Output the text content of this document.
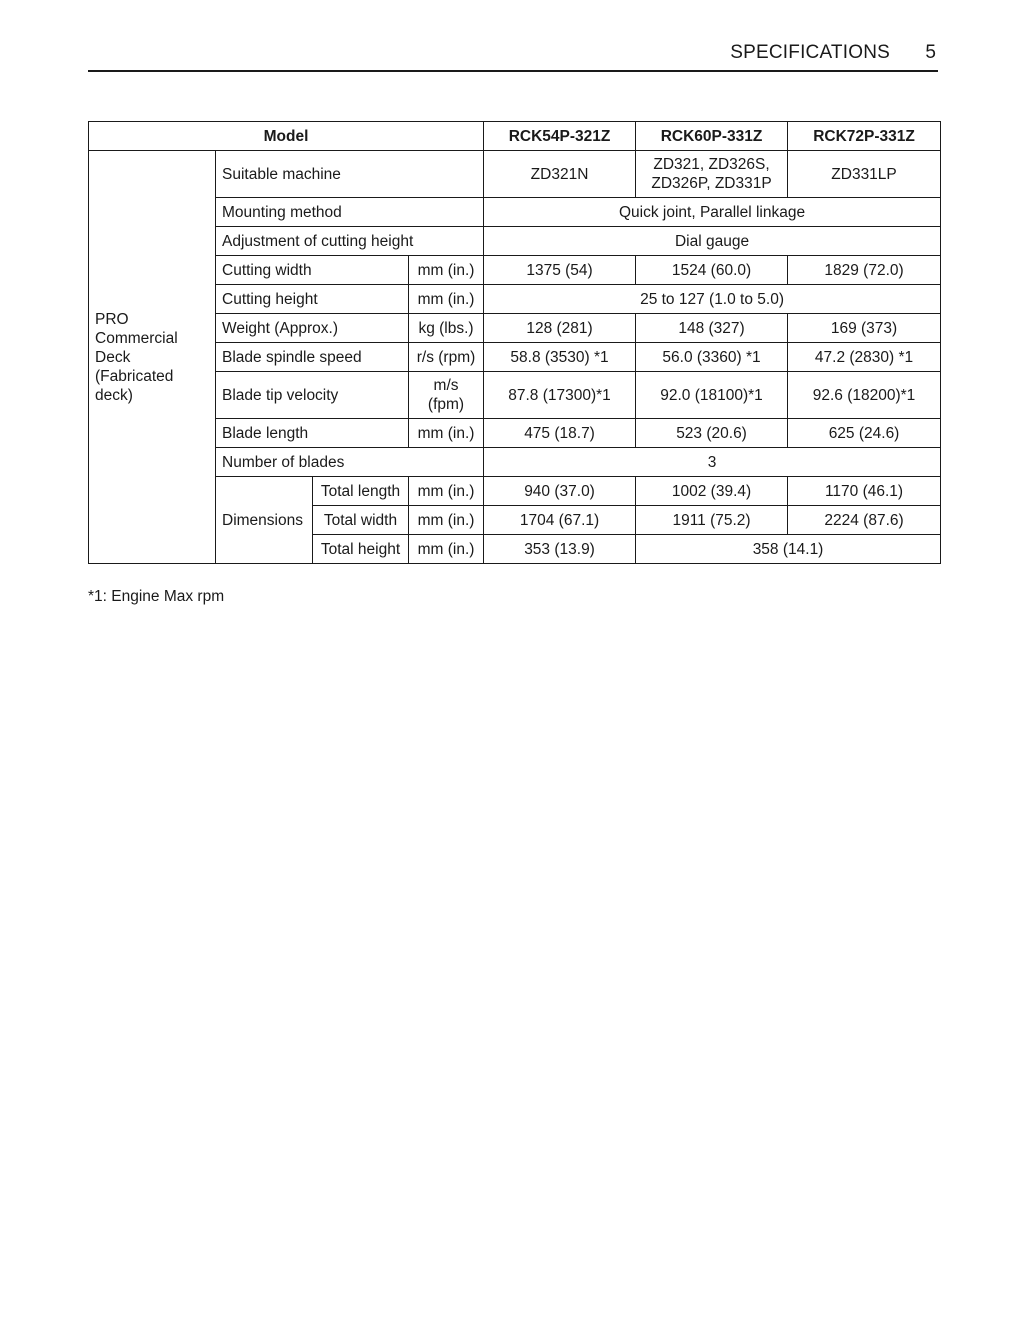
SPECIFICATIONS 5
Model				RCK54P-321Z	RCK60P-331Z	RCK72P-331Z
PRO Commercial Deck (Fabricated deck)	Suitable machine			ZD321N	ZD321, ZD326S, ZD326P, ZD331P	ZD331LP
	Mounting method			Quick joint, Parallel linkage		
	Adjustment of cutting height			Dial gauge		
	Cutting width		mm (in.)	1375 (54)	1524 (60.0)	1829 (72.0)
	Cutting height		mm (in.)	25 to 127 (1.0 to 5.0)		
	Weight (Approx.)		kg (lbs.)	128 (281)	148 (327)	169 (373)
	Blade spindle speed		r/s (rpm)	58.8 (3530) *1	56.0 (3360) *1	47.2 (2830) *1
	Blade tip velocity		m/s (fpm)	87.8 (17300)*1	92.0 (18100)*1	92.6 (18200)*1
	Blade length		mm (in.)	475 (18.7)	523 (20.6)	625 (24.6)
	Number of blades			3		
	Dimensions	Total length	mm (in.)	940 (37.0)	1002 (39.4)	1170 (46.1)
		Total width	mm (in.)	1704 (67.1)	1911 (75.2)	2224 (87.6)
		Total height	mm (in.)	353 (13.9)	358 (14.1)	
*1: Engine Max rpm
